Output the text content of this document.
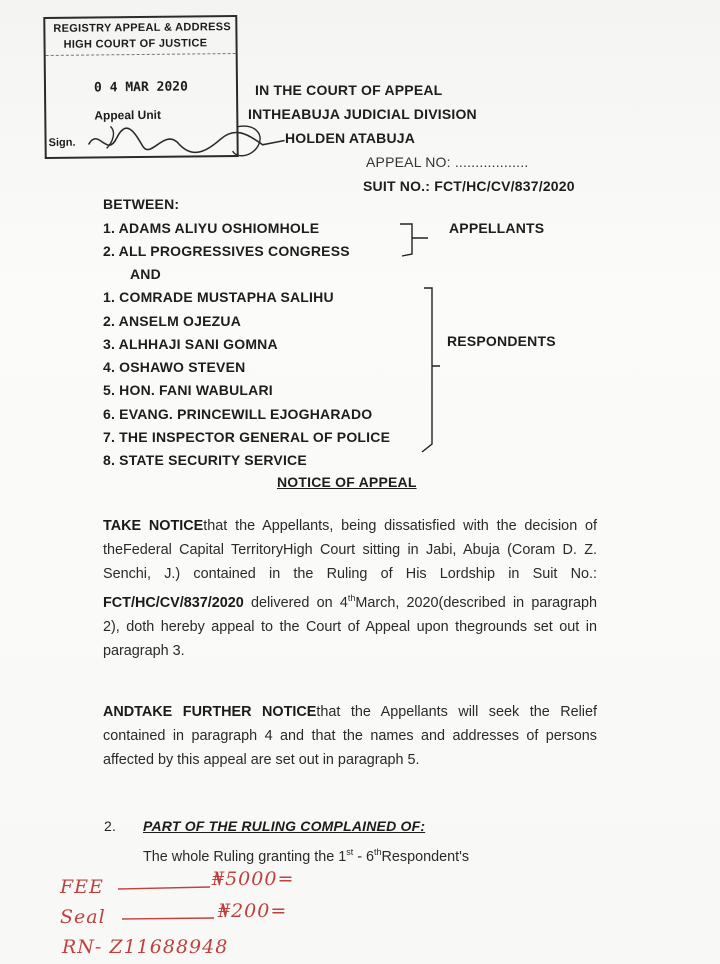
REGISTRY APPEAL & ADDRESS
HIGH COURT OF JUSTICE
0 4 MAR 2020
Appeal Unit
Sign.
IN THE COURT OF APPEAL
INTHEABUJA JUDICIAL DIVISION
HOLDEN ATABUJA
APPEAL NO: ..................
SUIT NO.: FCT/HC/CV/837/2020
BETWEEN:
1. ADAMS ALIYU OSHIOMHOLE
2. ALL PROGRESSIVES CONGRESS
APPELLANTS
AND
1. COMRADE MUSTAPHA SALIHU
2. ANSELM OJEZUA
3. ALHHAJI SANI GOMNA
4. OSHAWO STEVEN
5. HON. FANI WABULARI
6. EVANG. PRINCEWILL EJOGHARADO
7. THE INSPECTOR GENERAL OF POLICE
8. STATE SECURITY SERVICE
RESPONDENTS
NOTICE OF APPEAL
TAKE NOTICEthat the Appellants, being dissatisfied with the decision of theFederal Capital TerritoryHigh Court sitting in Jabi, Abuja (Coram D. Z. Senchi, J.) contained in the Ruling of His Lordship in Suit No.: FCT/HC/CV/837/2020 delivered on 4thMarch, 2020(described in paragraph 2), doth hereby appeal to the Court of Appeal upon thegrounds set out in paragraph 3.
ANDTAKE FURTHER NOTICEthat the Appellants will seek the Relief contained in paragraph 4 and that the names and addresses of persons affected by this appeal are set out in paragraph 5.
2. PART OF THE RULING COMPLAINED OF:
The whole Ruling granting the 1st - 6thRespondent's
FEE	₦5000=
Seal	₦200=
RN- Z11688948
